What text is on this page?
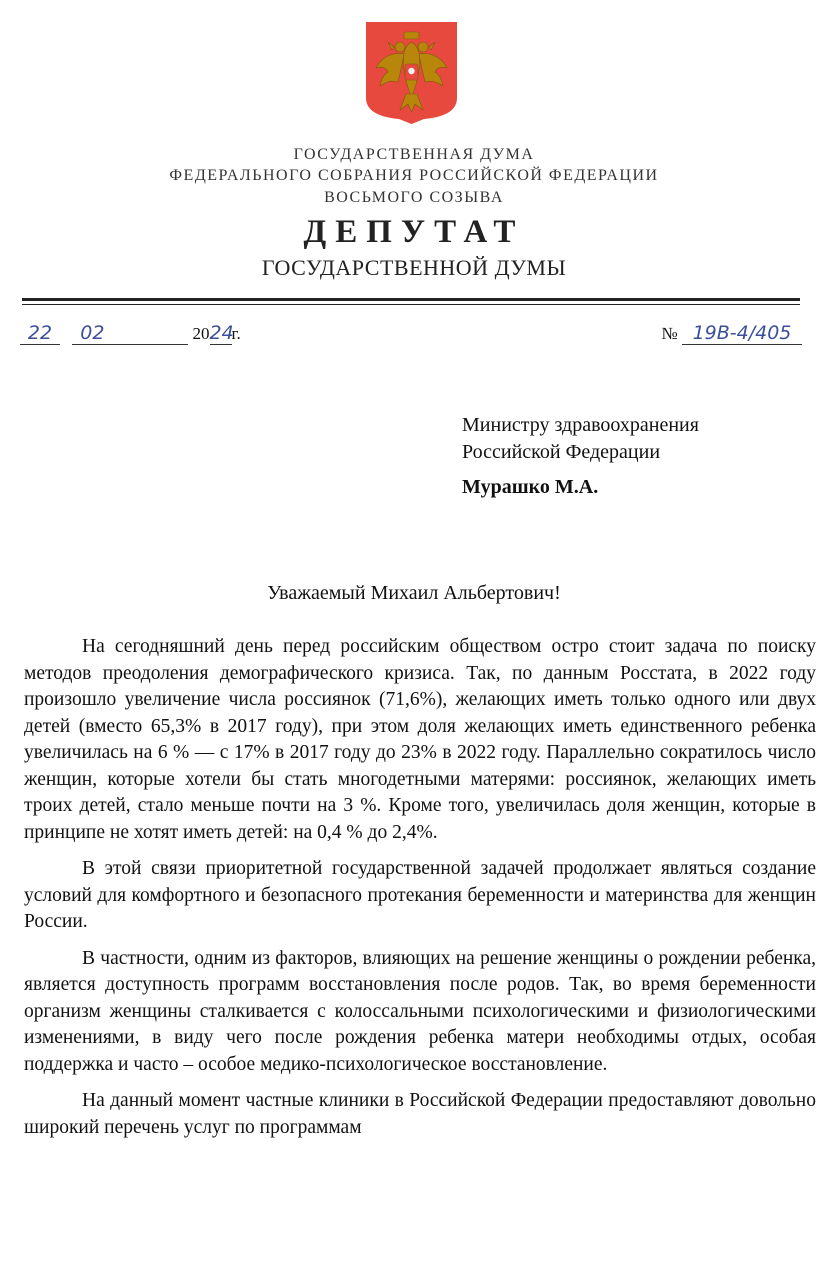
ГОСУДАРСТВЕННАЯ ДУМА
ФЕДЕРАЛЬНОГО СОБРАНИЯ РОССИЙСКОЙ ФЕДЕРАЦИИ
ВОСЬМОГО СОЗЫВА
ДЕПУТАТ
ГОСУДАРСТВЕННОЙ ДУМЫ
22 02	2024г.	№ 19В-4/405
Министру здравоохранения
Российской Федерации
Мурашко М.А.
Уважаемый Михаил Альбертович!

На сегодняшний день перед российским обществом остро стоит задача по поиску методов преодоления демографического кризиса. Так, по данным Росстата, в 2022 году произошло увеличение числа россиянок (71,6%), желающих иметь только одного или двух детей (вместо 65,3% в 2017 году), при этом доля желающих иметь единственного ребенка увеличилась на 6 % — с 17% в 2017 году до 23% в 2022 году. Параллельно сократилось число женщин, которые хотели бы стать многодетными матерями: россиянок, желающих иметь троих детей, стало меньше почти на 3 %. Кроме того, увеличилась доля женщин, которые в принципе не хотят иметь детей: на 0,4 % до 2,4%.

В этой связи приоритетной государственной задачей продолжает являться создание условий для комфортного и безопасного протекания беременности и материнства для женщин России.

В частности, одним из факторов, влияющих на решение женщины о рождении ребенка, является доступность программ восстановления после родов. Так, во время беременности организм женщины сталкивается с колоссальными психологическими и физиологическими изменениями, в виду чего после рождения ребенка матери необходимы отдых, особая поддержка и часто – особое медико-психологическое восстановление.

На данный момент частные клиники в Российской Федерации предоставляют довольно широкий перечень услуг по программам
